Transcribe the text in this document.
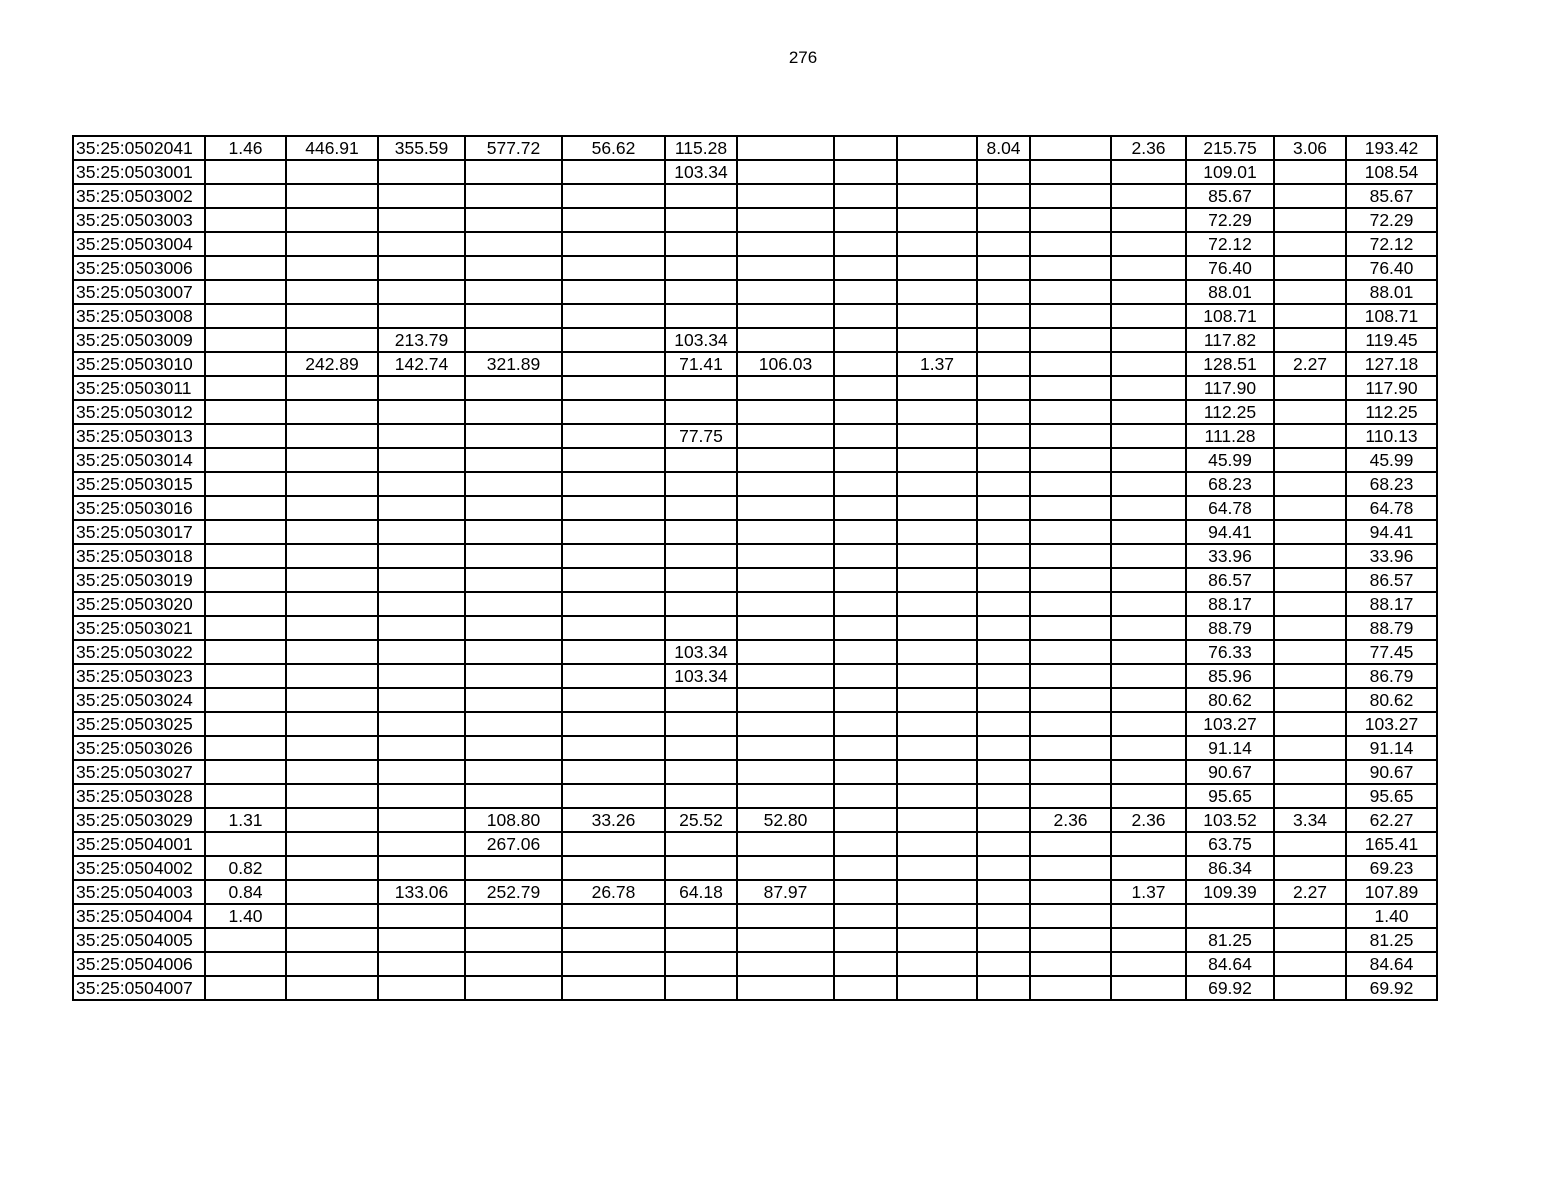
276
35:25:0502041	1.46	446.91	355.59	577.72	56.62	115.28				8.04		2.36	215.75	3.06	193.42
35:25:0503001						103.34							109.01		108.54
35:25:0503002													85.67		85.67
35:25:0503003													72.29		72.29
35:25:0503004													72.12		72.12
35:25:0503006													76.40		76.40
35:25:0503007													88.01		88.01
35:25:0503008													108.71		108.71
35:25:0503009			213.79			103.34							117.82		119.45
35:25:0503010		242.89	142.74	321.89		71.41	106.03		1.37				128.51	2.27	127.18
35:25:0503011													117.90		117.90
35:25:0503012													112.25		112.25
35:25:0503013						77.75							111.28		110.13
35:25:0503014													45.99		45.99
35:25:0503015													68.23		68.23
35:25:0503016													64.78		64.78
35:25:0503017													94.41		94.41
35:25:0503018													33.96		33.96
35:25:0503019													86.57		86.57
35:25:0503020													88.17		88.17
35:25:0503021													88.79		88.79
35:25:0503022						103.34							76.33		77.45
35:25:0503023						103.34							85.96		86.79
35:25:0503024													80.62		80.62
35:25:0503025													103.27		103.27
35:25:0503026													91.14		91.14
35:25:0503027													90.67		90.67
35:25:0503028													95.65		95.65
35:25:0503029	1.31			108.80	33.26	25.52	52.80				2.36	2.36	103.52	3.34	62.27
35:25:0504001				267.06									63.75		165.41
35:25:0504002	0.82												86.34		69.23
35:25:0504003	0.84		133.06	252.79	26.78	64.18	87.97					1.37	109.39	2.27	107.89
35:25:0504004	1.40														1.40
35:25:0504005													81.25		81.25
35:25:0504006													84.64		84.64
35:25:0504007													69.92		69.92
